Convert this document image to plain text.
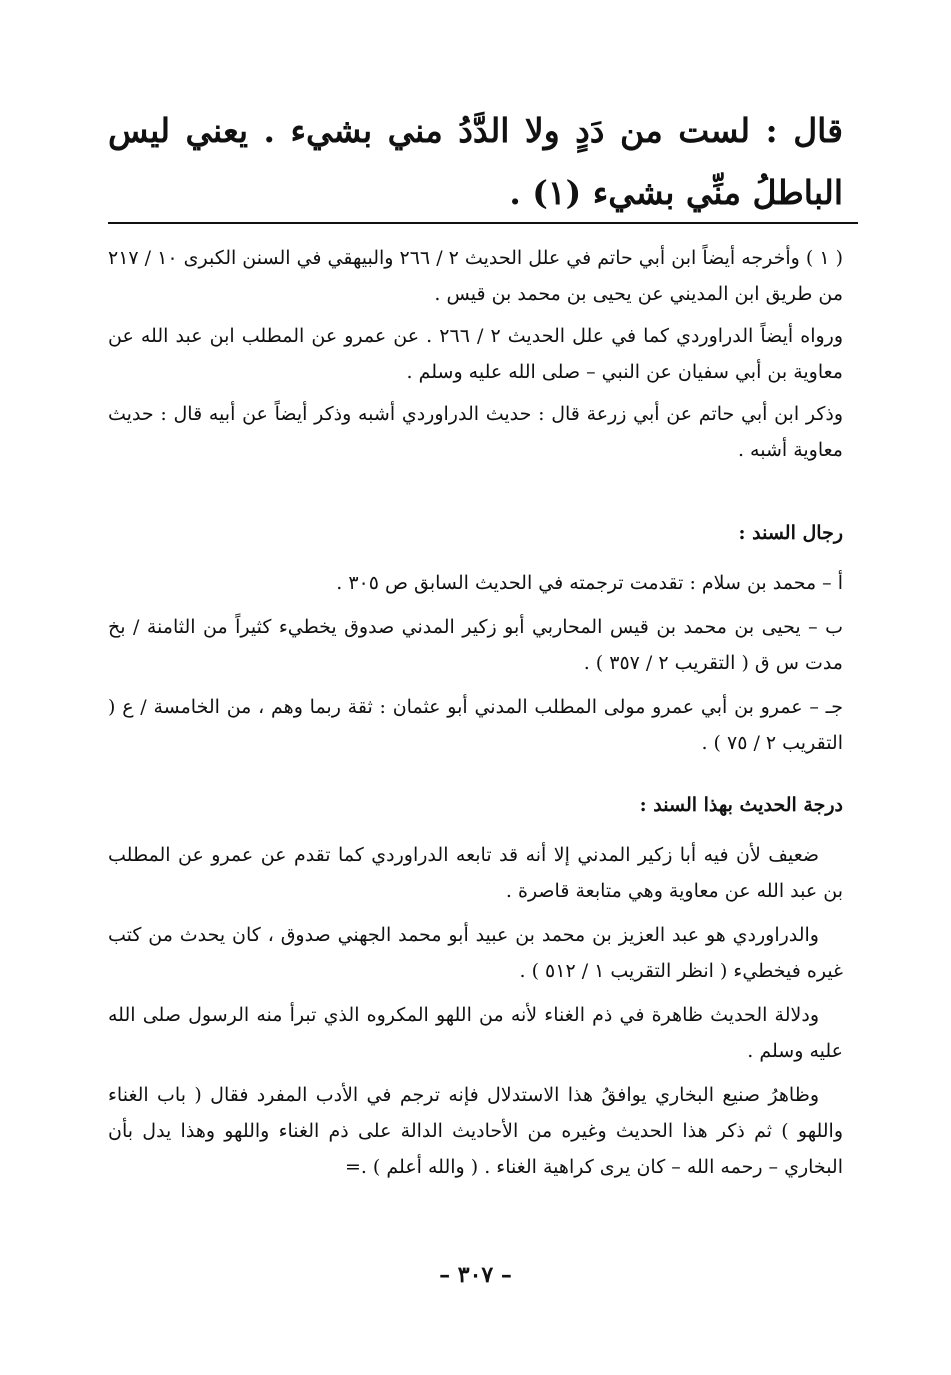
قال : لست من دَدٍ ولا الدَّدُ مني بشيء . يعني ليس الباطلُ منِّي بشيء (١) .

( ١ ) وأخرجه أيضاً ابن أبي حاتم في علل الحديث ٢ / ٢٦٦ والبيهقي في السنن الكبرى ١٠ / ٢١٧ من طريق ابن المديني عن يحيى بن محمد بن قيس .

ورواه أيضاً الدراوردي كما في علل الحديث ٢ / ٢٦٦ . عن عمرو عن المطلب ابن عبد الله عن معاوية بن أبي سفيان عن النبي – صلى الله عليه وسلم .

وذكر ابن أبي حاتم عن أبي زرعة قال : حديث الدراوردي أشبه وذكر أيضاً عن أبيه قال : حديث معاوية أشبه .

رجال السند :

أ – محمد بن سلام : تقدمت ترجمته في الحديث السابق ص ٣٠٥ .

ب – يحيى بن محمد بن قيس المحاربي أبو زكير المدني صدوق يخطيء كثيراً من الثامنة / بخ مدت س ق ( التقريب ٢ / ٣٥٧ ) .

جـ – عمرو بن أبي عمرو مولى المطلب المدني أبو عثمان : ثقة ربما وهم ، من الخامسة / ع ( التقريب ٢ / ٧٥ ) .

درجة الحديث بهذا السند :

ضعيف لأن فيه أبا زكير المدني إلا أنه قد تابعه الدراوردي كما تقدم عن عمرو عن المطلب بن عبد الله عن معاوية وهي متابعة قاصرة .

والدراوردي هو عبد العزيز بن محمد بن عبيد أبو محمد الجهني صدوق ، كان يحدث من كتب غيره فيخطيء ( انظر التقريب ١ / ٥١٢ ) .

ودلالة الحديث ظاهرة في ذم الغناء لأنه من اللهو المكروه الذي تبرأ منه الرسول صلى الله عليه وسلم .

وظاهرُ صنيع البخاري يوافقُ هذا الاستدلال فإنه ترجم في الأدب المفرد فقال ( باب الغناء واللهو ) ثم ذكر هذا الحديث وغيره من الأحاديث الدالة على ذم الغناء واللهو وهذا يدل بأن البخاري – رحمه الله – كان يرى كراهية الغناء . ( والله أعلم ) .=

– ٣٠٧ –
